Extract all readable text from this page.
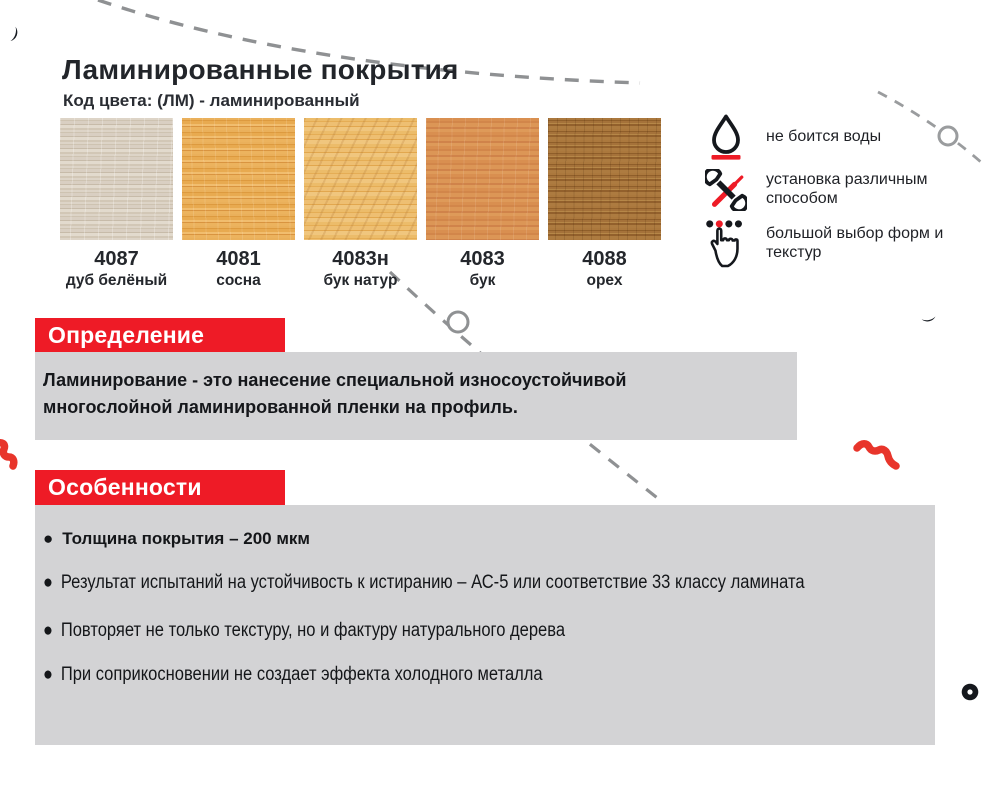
Ламинированные покрытия
Код цвета: (ЛМ) - ламинированный
4087
дуб белёный
4081
сосна
4083н
бук натур
4083
бук
4088
орех
не боится воды
установка различным способом
большой выбор форм и текстур
Определение

Ламинирование - это нанесение специальной износоустойчивой многослойной ламинированной пленки на профиль.

Особенности
● Толщина покрытия – 200 мкм
● Результат испытаний на устойчивость к истиранию – АС-5 или соответствие 33 классу ламината
● Повторяет не только текстуру, но и фактуру натурального дерева
● При соприкосновении не создает эффекта холодного металла
